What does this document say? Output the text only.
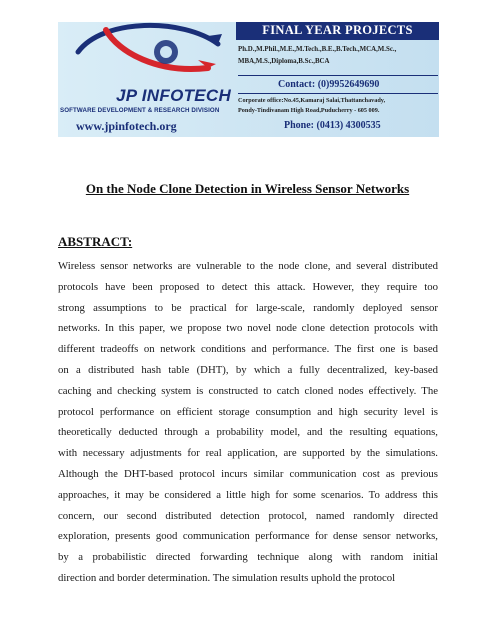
JP INFOTECH
SOFTWARE DEVELOPMENT & RESEARCH DIVISION
www.jpinfotech.org
FINAL YEAR PROJECTS
Ph.D.,M.Phil.,M.E.,M.Tech.,B.E.,B.Tech.,MCA,M.Sc.,
MBA,M.S.,Diploma,B.Sc.,BCA
Contact: (0)9952649690
Corporate office:No.45,Kamaraj Salai,Thattanchavady,
Pondy-Tindivanam High Road,Puducherry - 605 009.
Phone: (0413) 4300535
On the Node Clone Detection in Wireless Sensor Networks
ABSTRACT:
Wireless sensor networks are vulnerable to the node clone, and several distributed
protocols have been proposed to detect this attack. However, they require too
strong assumptions to be practical for large-scale, randomly deployed sensor
networks. In this paper, we propose two novel node clone detection protocols with
different tradeoffs on network conditions and performance. The first one is based
on a distributed hash table (DHT), by which a fully decentralized, key-based
caching and checking system is constructed to catch cloned nodes effectively. The
protocol performance on efficient storage consumption and high security level is
theoretically deducted through a probability model, and the resulting equations,
with necessary adjustments for real application, are supported by the simulations.
Although the DHT-based protocol incurs similar communication cost as previous
approaches, it may be considered a little high for some scenarios. To address this
concern, our second distributed detection protocol, named randomly directed
exploration, presents good communication performance for dense sensor networks,
by a probabilistic directed forwarding technique along with random initial
direction and border determination. The simulation results uphold the protocol
